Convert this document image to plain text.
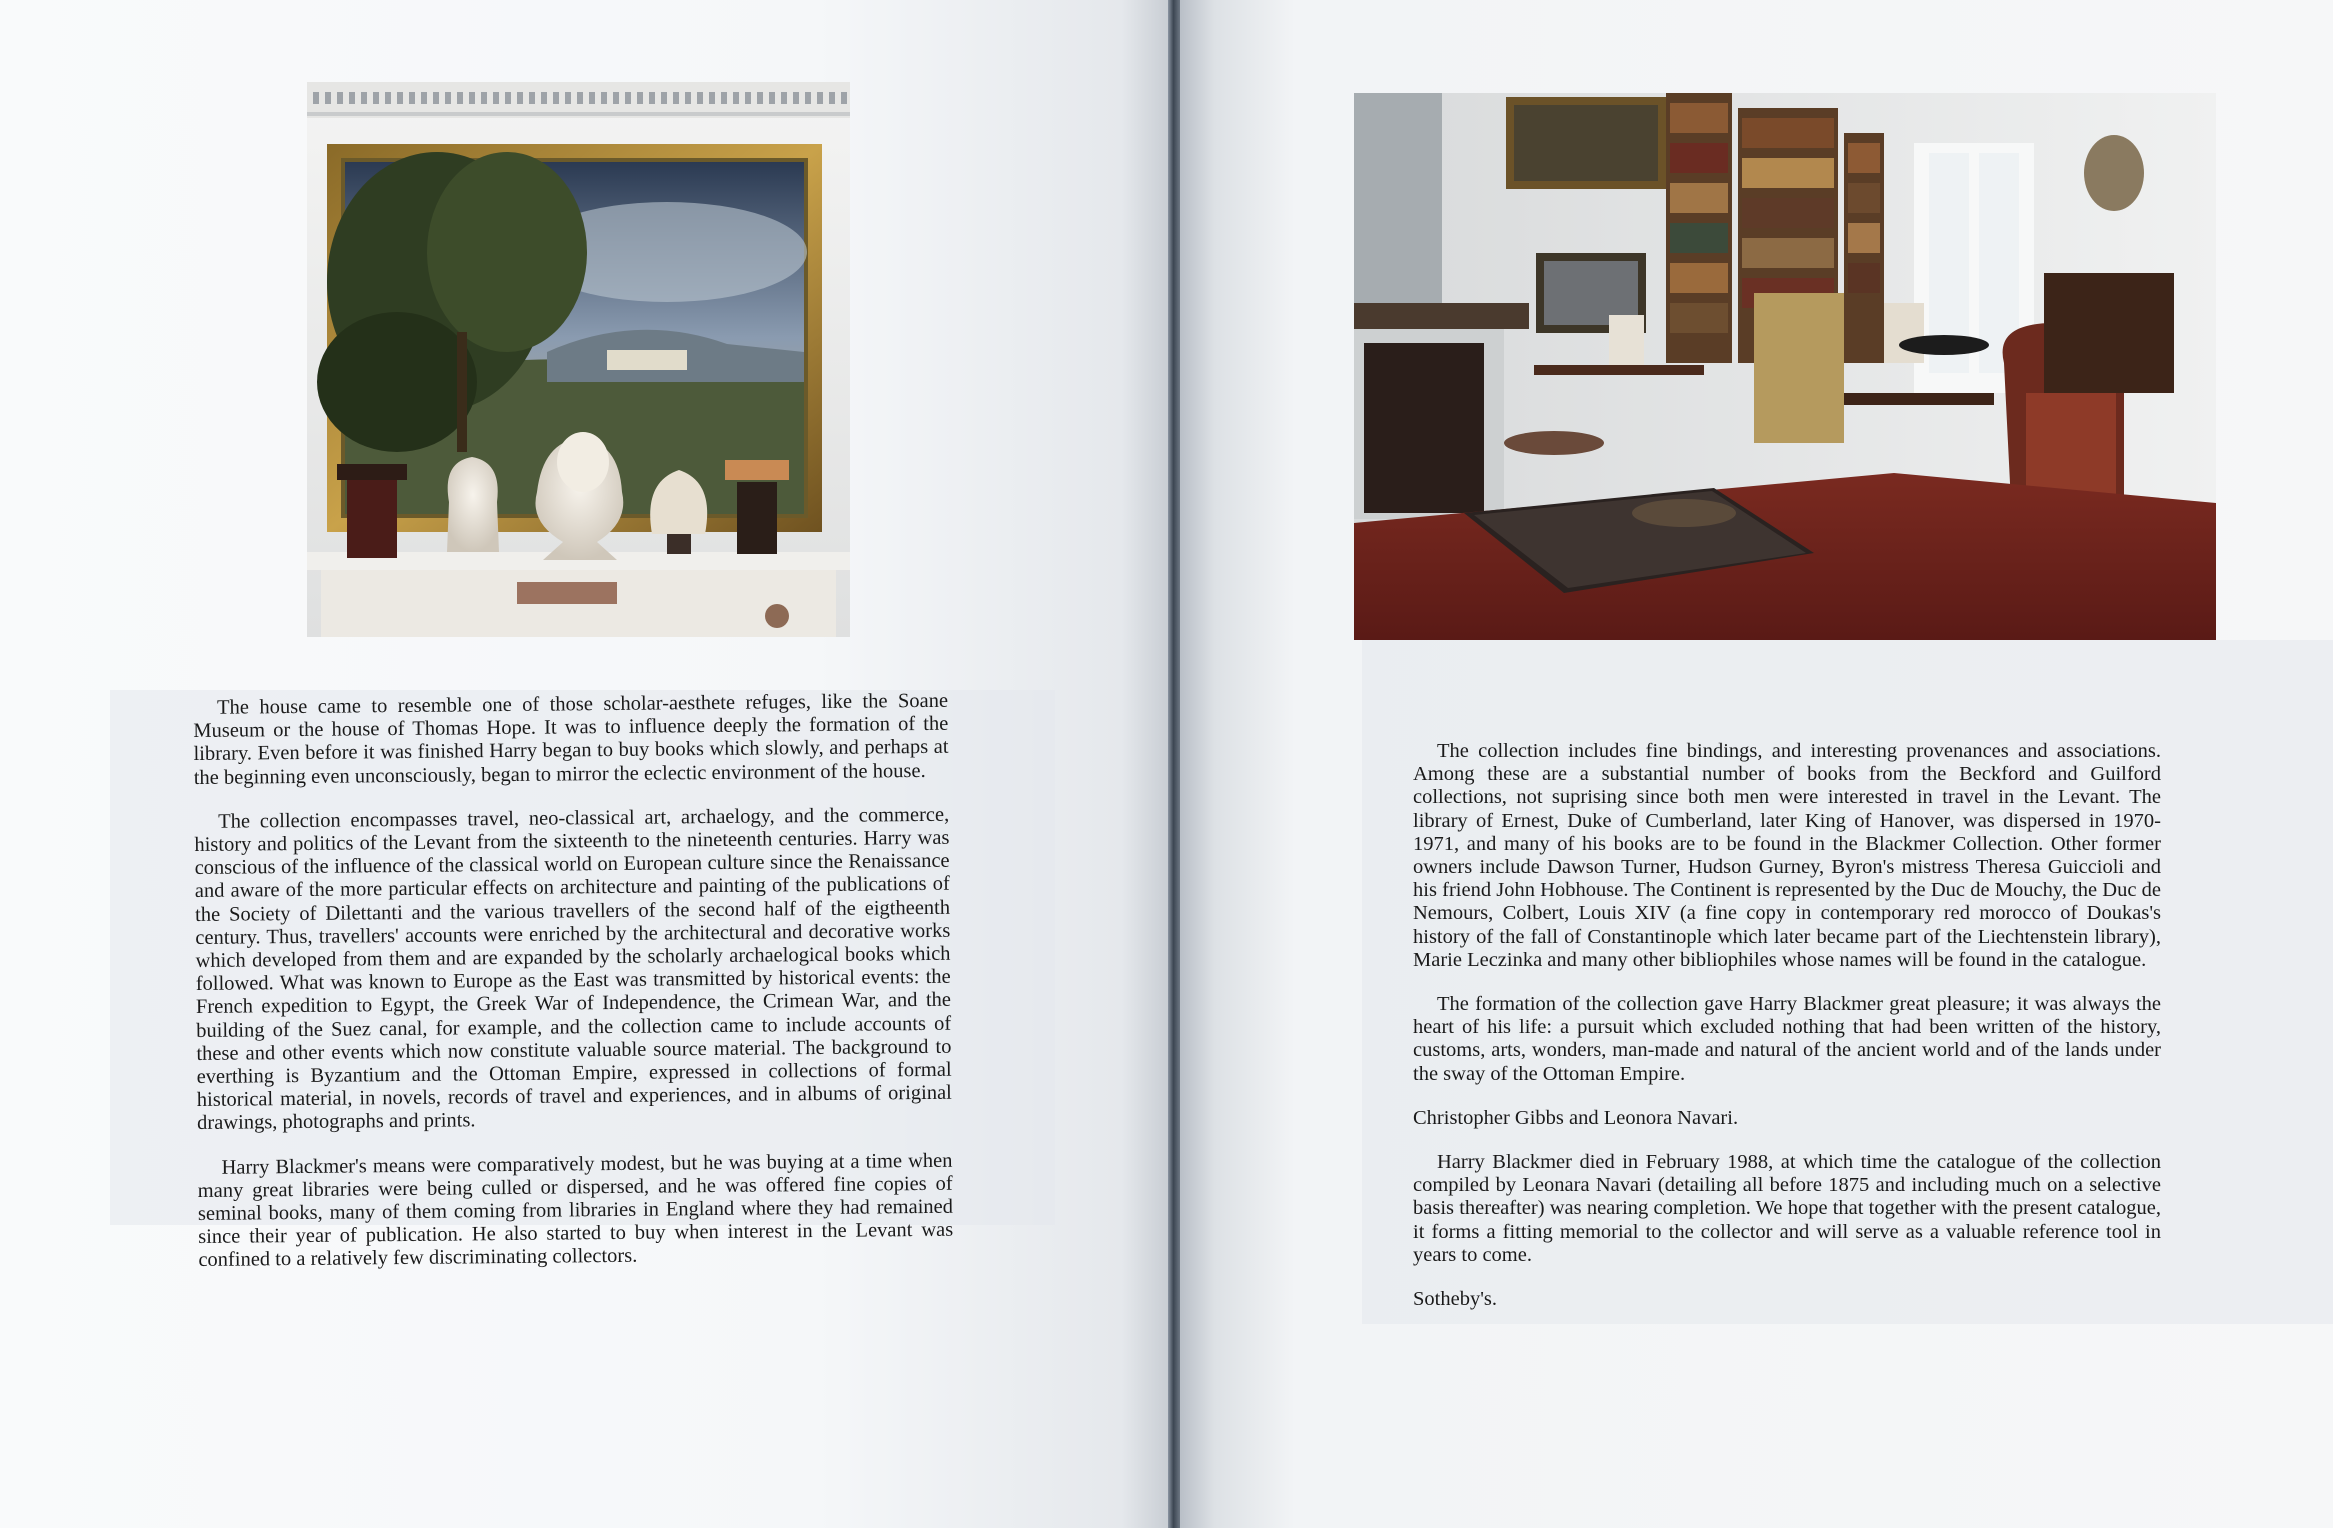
The house came to resemble one of those scholar-aesthete refuges, like the Soane Museum or the house of Thomas Hope. It was to influence deeply the formation of the library. Even before it was finished Harry began to buy books which slowly, and perhaps at the beginning even unconsciously, began to mirror the eclectic environment of the house.

The collection encompasses travel, neo-classical art, archaelogy, and the commerce, history and politics of the Levant from the sixteenth to the nineteenth centuries. Harry was conscious of the influence of the classical world on European culture since the Renaissance and aware of the more particular effects on architecture and painting of the publications of the Society of Dilettanti and the various travellers of the second half of the eigtheenth century. Thus, travellers' accounts were enriched by the architectural and decorative works which developed from them and are expanded by the scholarly archaelogical books which followed. What was known to Europe as the East was transmitted by historical events: the French expedition to Egypt, the Greek War of Independence, the Crimean War, and the building of the Suez canal, for example, and the collection came to include accounts of these and other events which now constitute valuable source material. The background to everthing is Byzantium and the Ottoman Empire, expressed in collections of formal historical material, in novels, records of travel and experiences, and in albums of original drawings, photographs and prints.

Harry Blackmer's means were comparatively modest, but he was buying at a time when many great libraries were being culled or dispersed, and he was offered fine copies of seminal books, many of them coming from libraries in England where they had remained since their year of publication. He also started to buy when interest in the Levant was confined to a relatively few discriminating collectors.

The collection includes fine bindings, and interesting provenances and associations. Among these are a substantial number of books from the Beckford and Guilford collections, not suprising since both men were interested in travel in the Levant. The library of Ernest, Duke of Cumberland, later King of Hanover, was dispersed in 1970-1971, and many of his books are to be found in the Blackmer Collection. Other former owners include Dawson Turner, Hudson Gurney, Byron's mistress Theresa Guiccioli and his friend John Hobhouse. The Continent is represented by the Duc de Mouchy, the Duc de Nemours, Colbert, Louis XIV (a fine copy in contemporary red morocco of Doukas's history of the fall of Constantinople which later became part of the Liechtenstein library), Marie Leczinka and many other bibliophiles whose names will be found in the catalogue.

The formation of the collection gave Harry Blackmer great pleasure; it was always the heart of his life: a pursuit which excluded nothing that had been written of the history, customs, arts, wonders, man-made and natural of the ancient world and of the lands under the sway of the Ottoman Empire.

Christopher Gibbs and Leonora Navari.

Harry Blackmer died in February 1988, at which time the catalogue of the collection compiled by Leonara Navari (detailing all before 1875 and including much on a selective basis thereafter) was nearing completion. We hope that together with the present catalogue, it forms a fitting memorial to the collector and will serve as a valuable reference tool in years to come.

Sotheby's.
